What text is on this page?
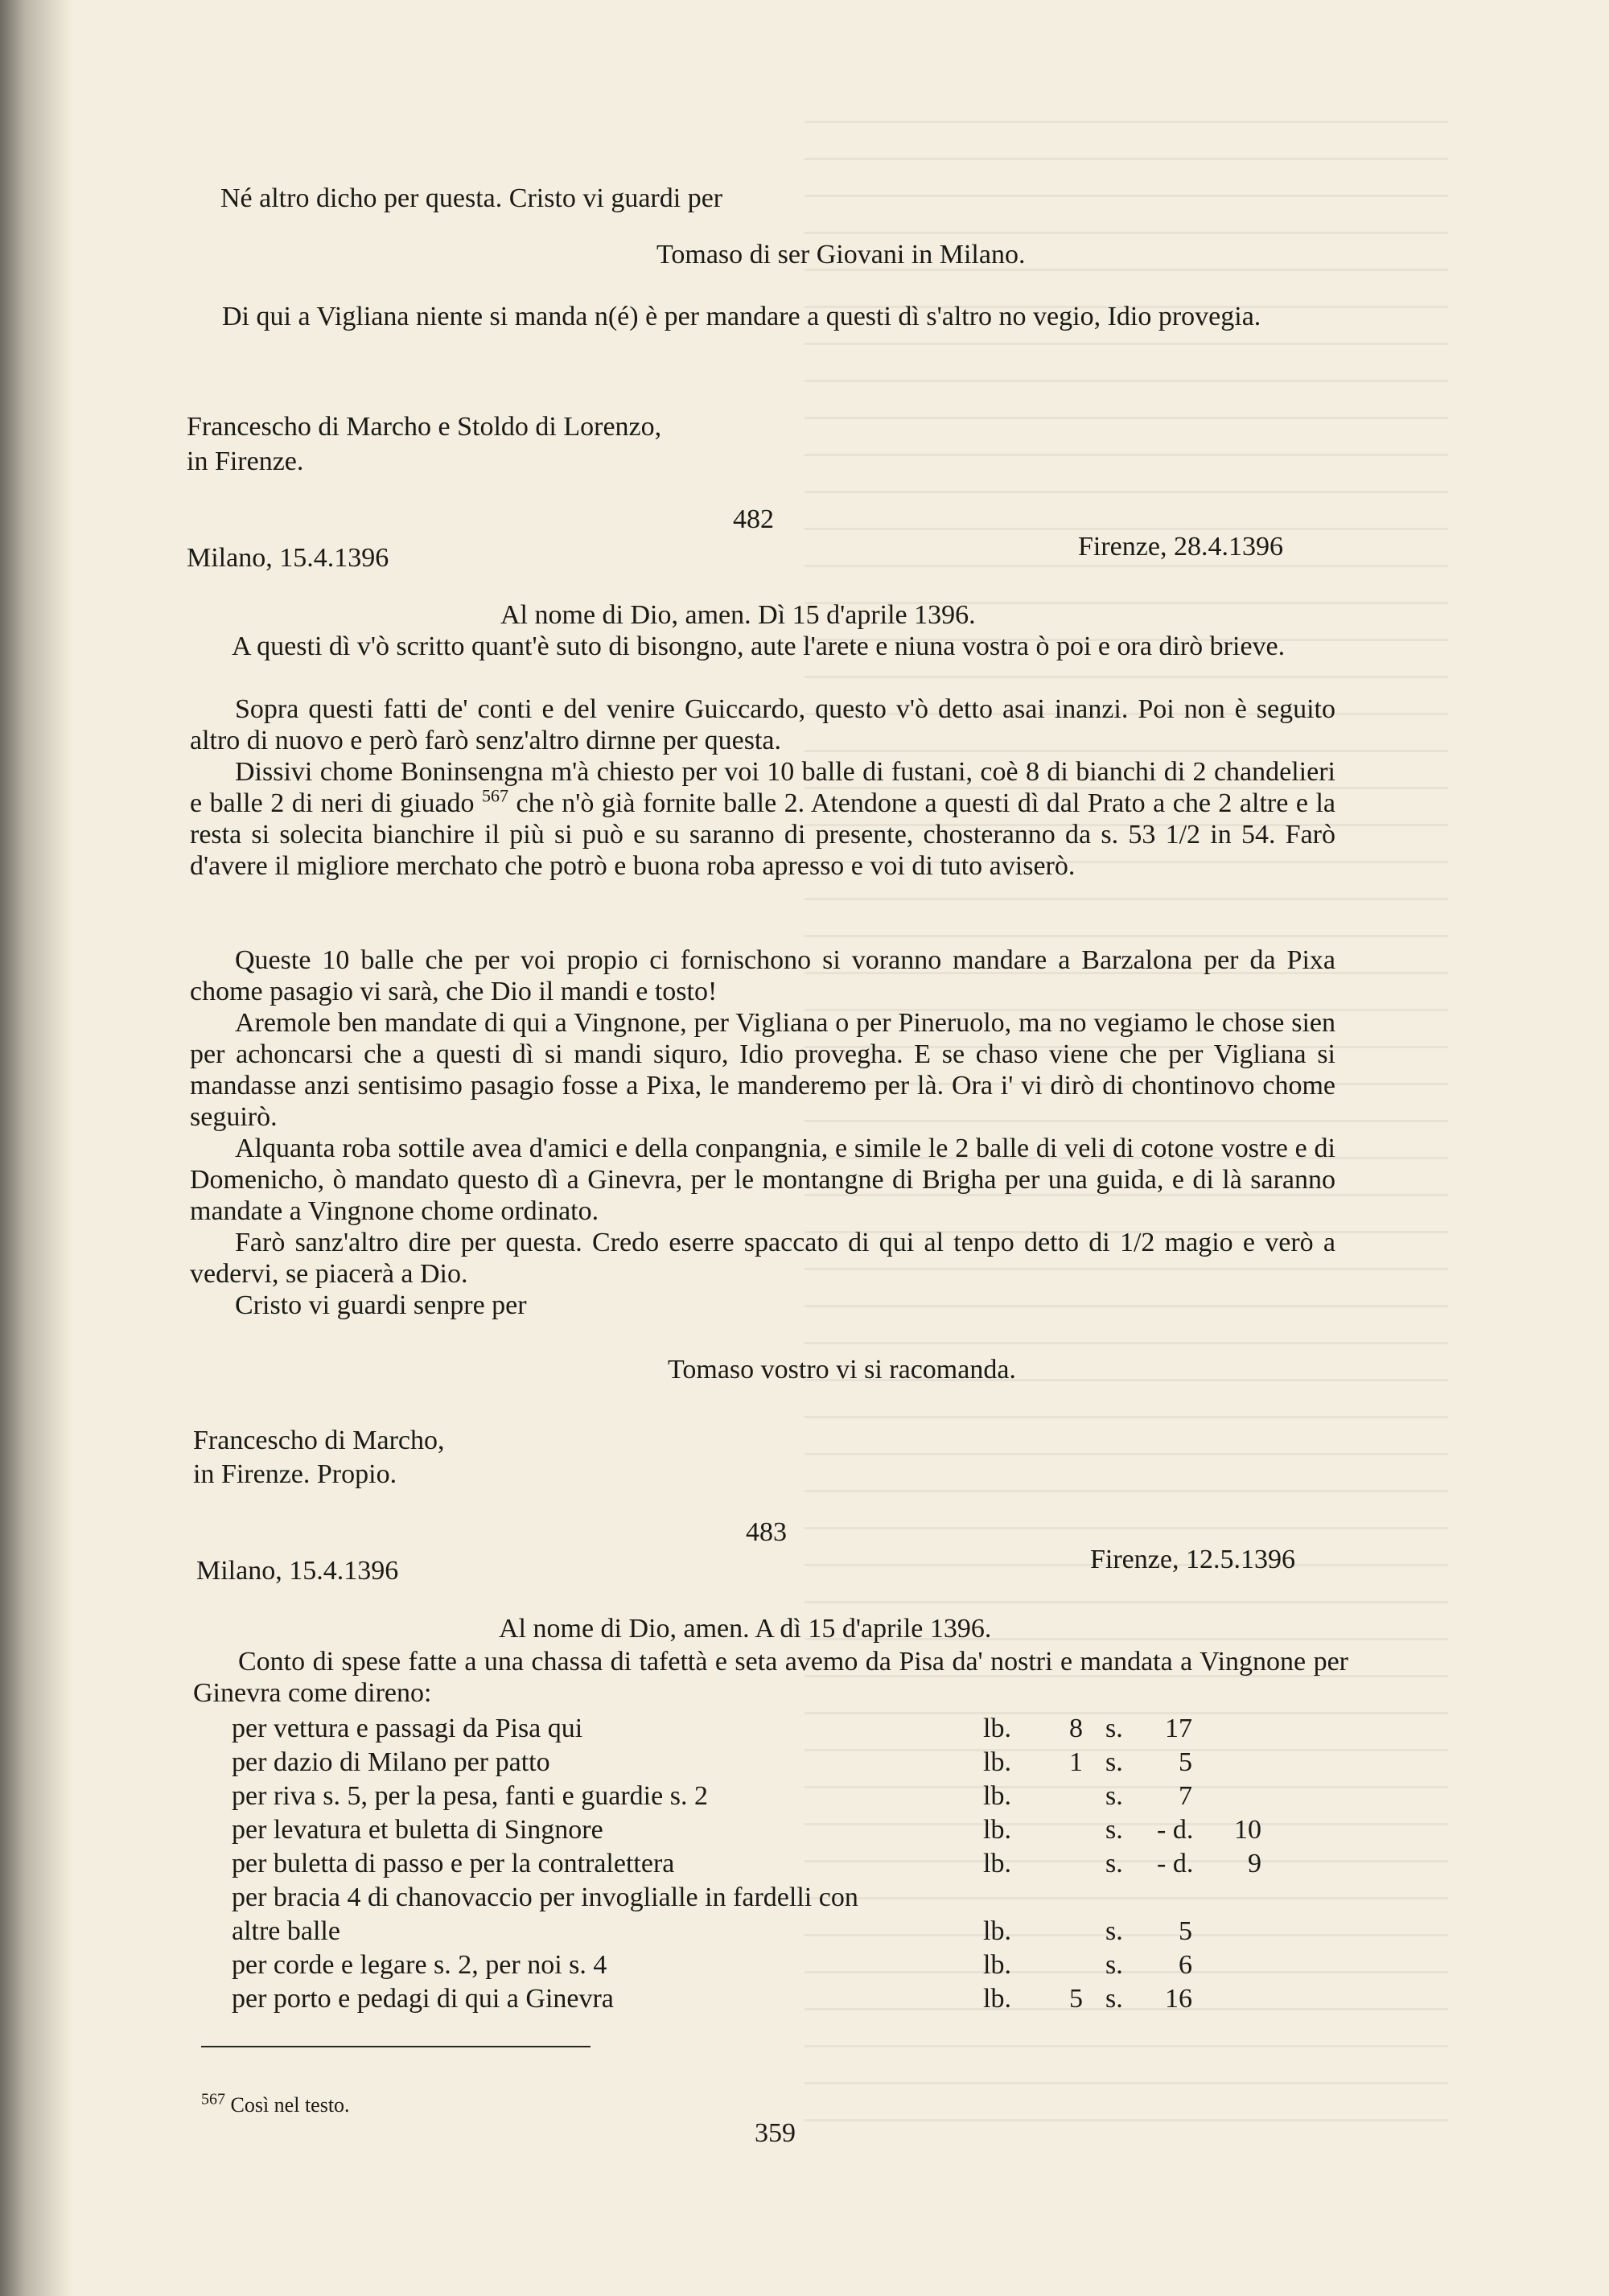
Né altro dicho per questa. Cristo vi guardi per

Tomaso di ser Giovani in Milano.

Di qui a Vigliana niente si manda n(é) è per mandare a questi dì s'altro no vegio, Idio provegia.

Francescho di Marcho e Stoldo di Lorenzo,

in Firenze.

482

Milano, 15.4.1396	Firenze, 28.4.1396

Al nome di Dio, amen. Dì 15 d'aprile 1396.

A questi dì v'ò scritto quant'è suto di bisongno, aute l'arete e niuna vostra ò poi e ora dirò brieve.

Sopra questi fatti de' conti e del venire Guiccardo, questo v'ò detto asai inanzi. Poi non è seguito altro di nuovo e però farò senz'altro dirnne per questa.

Dissivi chome Boninsengna m'à chiesto per voi 10 balle di fustani, coè 8 di bianchi di 2 chandelieri e balle 2 di neri di giuado $^{567}$ che n'ò già fornite balle 2. Atendone a questi dì dal Prato a che 2 altre e la resta si solecita bianchire il più si può e su saranno di presente, chosteranno da s. 53 1/2 in 54. Farò d'avere il migliore merchato che potrò e buona roba apresso e voi di tuto aviserò.

Queste 10 balle che per voi propio ci fornischono si voranno mandare a Barzalona per da Pixa chome pasagio vi sarà, che Dio il mandi e tosto!

Aremole ben mandate di qui a Vingnone, per Vigliana o per Pineruolo, ma no vegiamo le chose sien per achoncarsi che a questi dì si mandi siquro, Idio provegha. E se chaso viene che per Vigliana si mandasse anzi sentisimo pasagio fosse a Pixa, le manderemo per là. Ora i' vi dirò di chontinovo chome seguirò.

Alquanta roba sottile avea d'amici e della conpangnia, e simile le 2 balle di veli di cotone vostre e di Domenicho, ò mandato questo dì a Ginevra, per le montangne di Brigha per una guida, e di là saranno mandate a Vingnone chome ordinato.

Farò sanz'altro dire per questa. Credo eserre spaccato di qui al tenpo detto di 1/2 magio e verò a vedervi, se piacerà a Dio.

Cristo vi guardi senpre per

Tomaso vostro vi si racomanda.

Francescho di Marcho,

in Firenze. Propio.

483

Milano, 15.4.1396	Firenze, 12.5.1396

Al nome di Dio, amen. A dì 15 d'aprile 1396.

Conto di spese fatte a una chassa di tafettà e seta avemo da Pisa da' nostri e mandata a Vingnone per Ginevra come direno:

per vettura e passagi da Pisa qui	lb.	8 s.	17
per dazio di Milano per patto	lb.	1 s.	5
per riva s. 5, per la pesa, fanti e guardie s. 2	lb.	s.	7
per levatura et buletta di Singnore	lb.	s. - d.	10
per buletta di passo e per la contralettera	lb.	s. - d.	9
per bracia 4 di chanovaccio per invoglialle in fardelli con
altre balle	lb.	s.	5
per corde e legare s. 2, per noi s. 4	lb.	s.	6
per porto e pedagi di qui a Ginevra	lb.	5 s.	16

$^{567}$ Così nel testo.

359
